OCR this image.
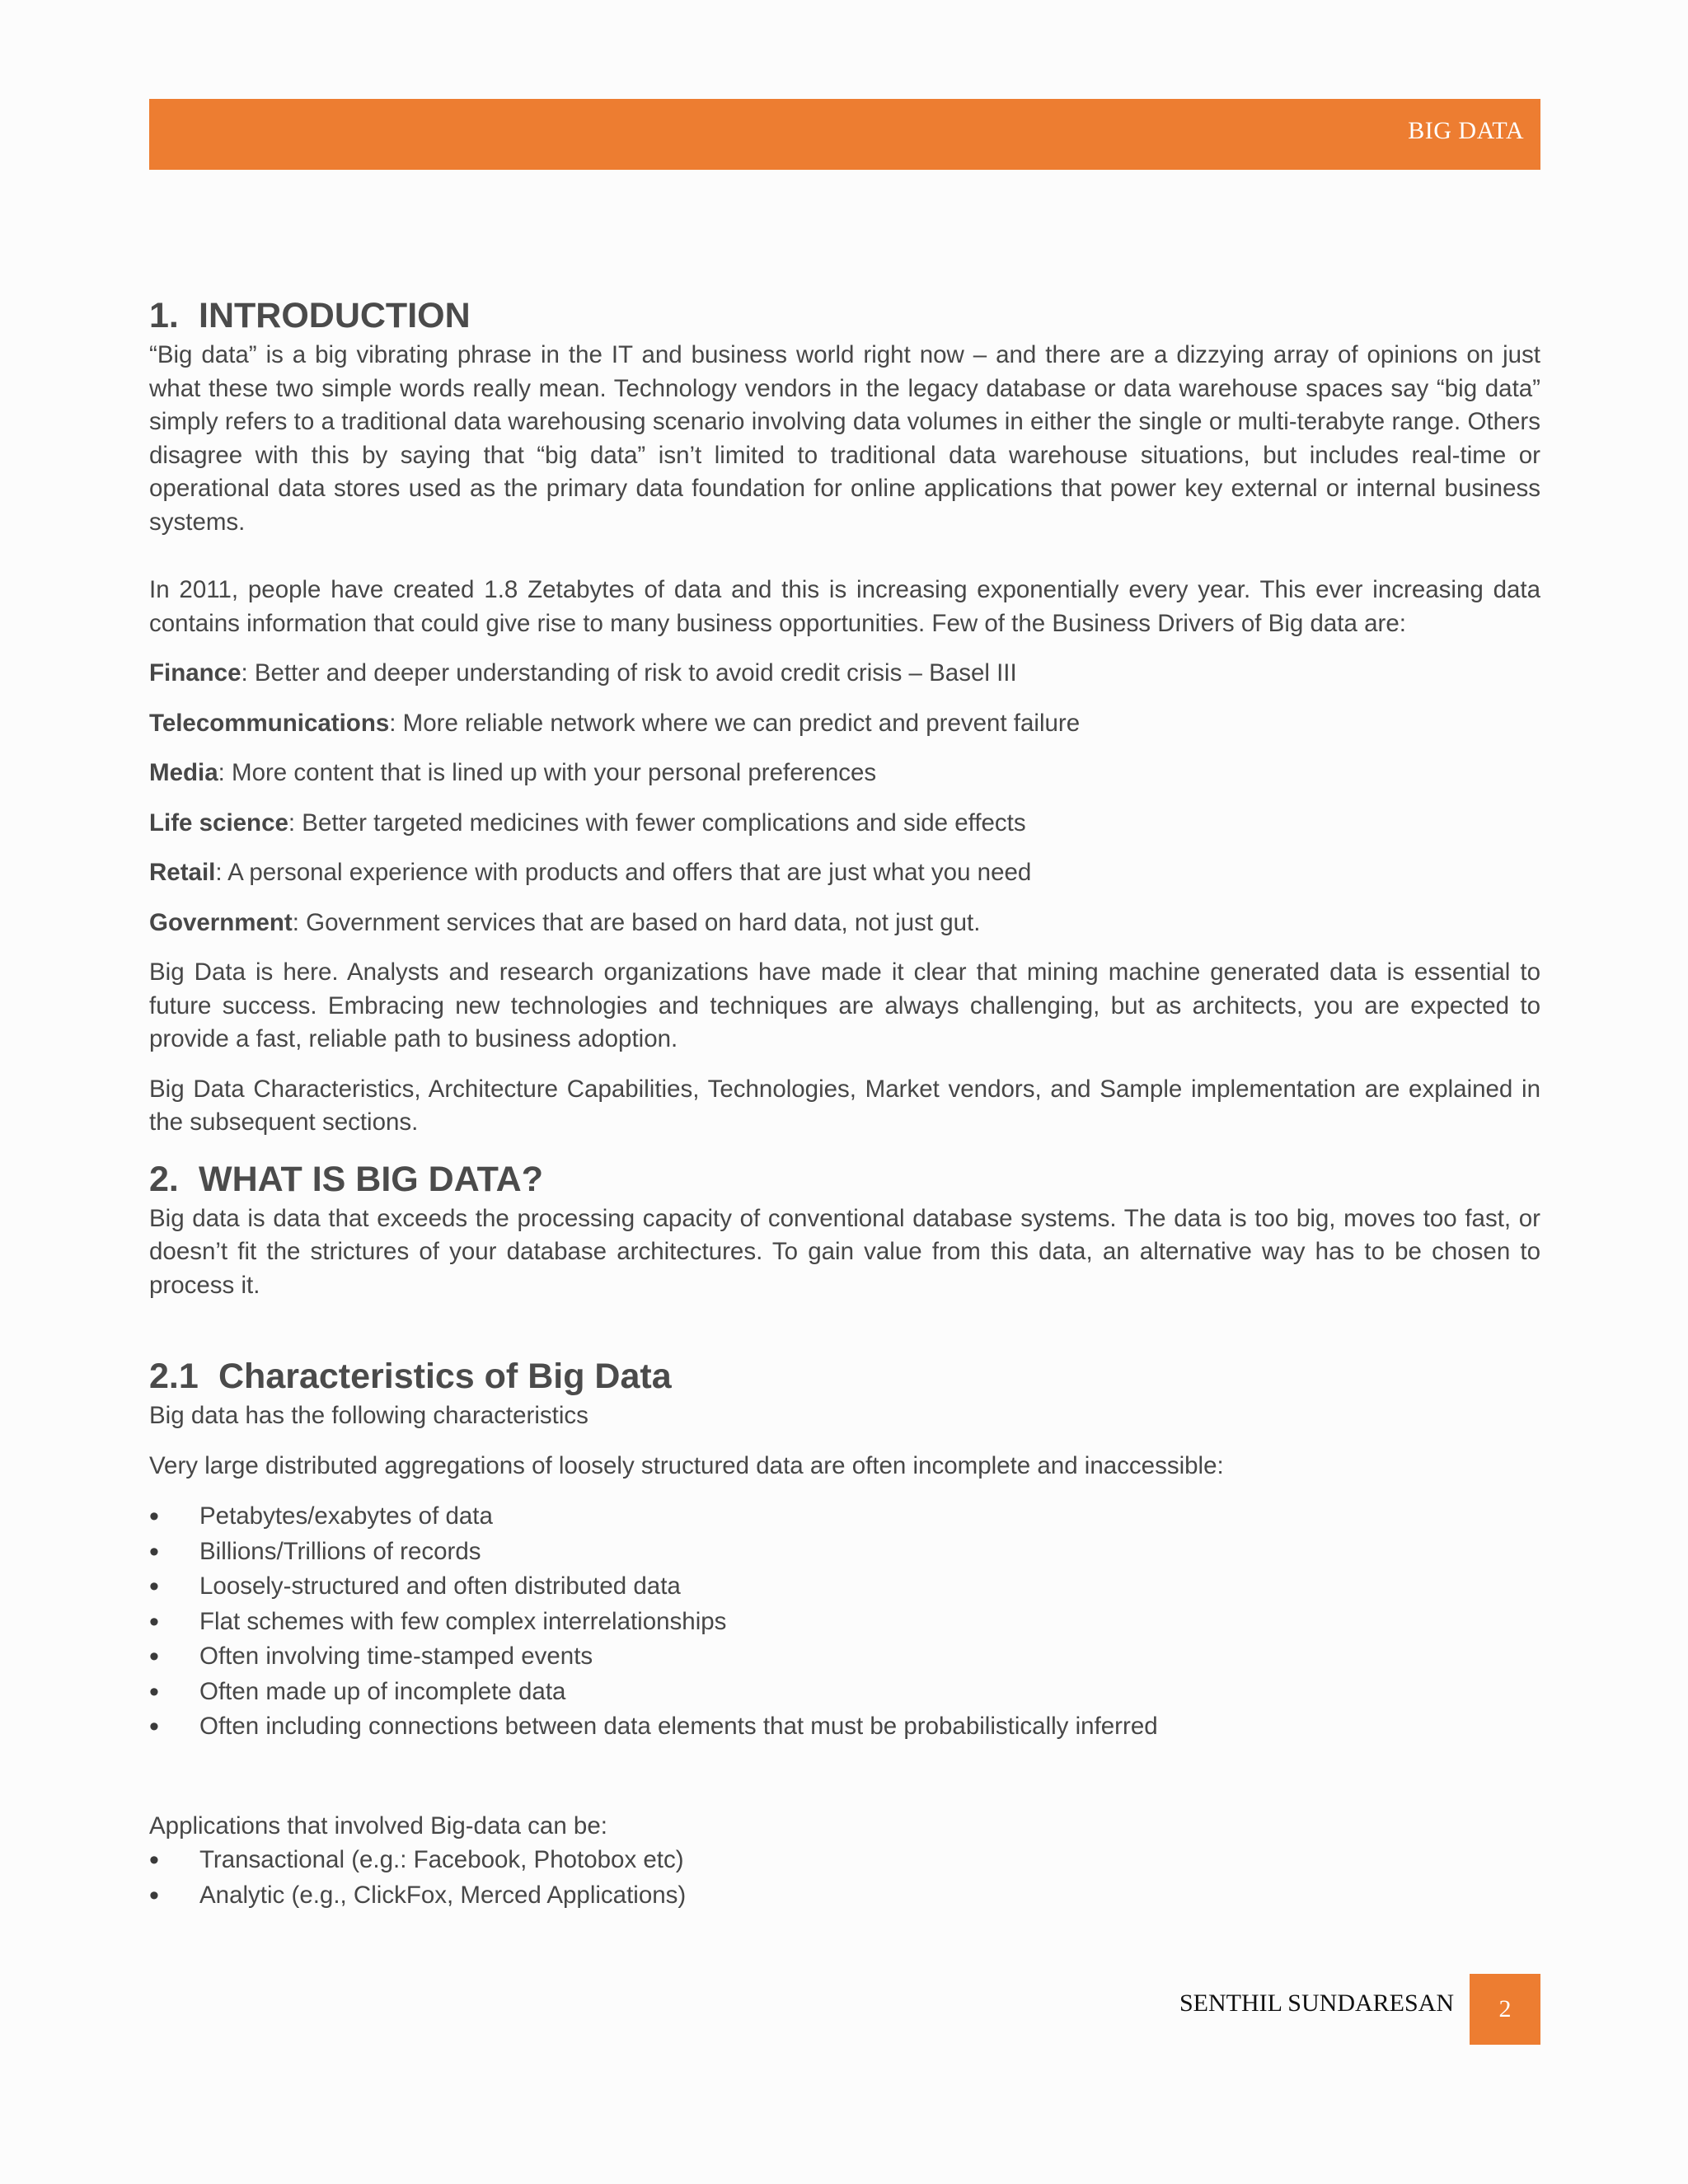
BIG DATA
1. INTRODUCTION

“Big data” is a big vibrating phrase in the IT and business world right now – and there are a dizzying array of opinions on just what these two simple words really mean. Technology vendors in the legacy database or data warehouse spaces say “big data” simply refers to a traditional data warehousing scenario involving data volumes in either the single or multi-terabyte range. Others disagree with this by saying that “big data” isn’t limited to traditional data warehouse situations, but includes real-time or operational data stores used as the primary data foundation for online applications that power key external or internal business systems.

In 2011, people have created 1.8 Zetabytes of data and this is increasing exponentially every year. This ever increasing data contains information that could give rise to many business opportunities. Few of the Business Drivers of Big data are:

Finance: Better and deeper understanding of risk to avoid credit crisis – Basel III

Telecommunications: More reliable network where we can predict and prevent failure

Media: More content that is lined up with your personal preferences

Life science: Better targeted medicines with fewer complications and side effects

Retail: A personal experience with products and offers that are just what you need

Government: Government services that are based on hard data, not just gut.

Big Data is here. Analysts and research organizations have made it clear that mining machine generated data is essential to future success. Embracing new technologies and techniques are always challenging, but as architects, you are expected to provide a fast, reliable path to business adoption.

Big Data Characteristics, Architecture Capabilities, Technologies, Market vendors, and Sample implementation are explained in the subsequent sections.

2. WHAT IS BIG DATA?

Big data is data that exceeds the processing capacity of conventional database systems. The data is too big, moves too fast, or doesn’t fit the strictures of your database architectures. To gain value from this data, an alternative way has to be chosen to process it.

2.1 Characteristics of Big Data

Big data has the following characteristics

Very large distributed aggregations of loosely structured data are often incomplete and inaccessible:

• Petabytes/exabytes of data
• Billions/Trillions of records
• Loosely-structured and often distributed data
• Flat schemes with few complex interrelationships
• Often involving time-stamped events
• Often made up of incomplete data
• Often including connections between data elements that must be probabilistically inferred

Applications that involved Big-data can be:

• Transactional (e.g.: Facebook, Photobox etc)
• Analytic (e.g., ClickFox, Merced Applications)
SENTHIL SUNDARESAN	2
